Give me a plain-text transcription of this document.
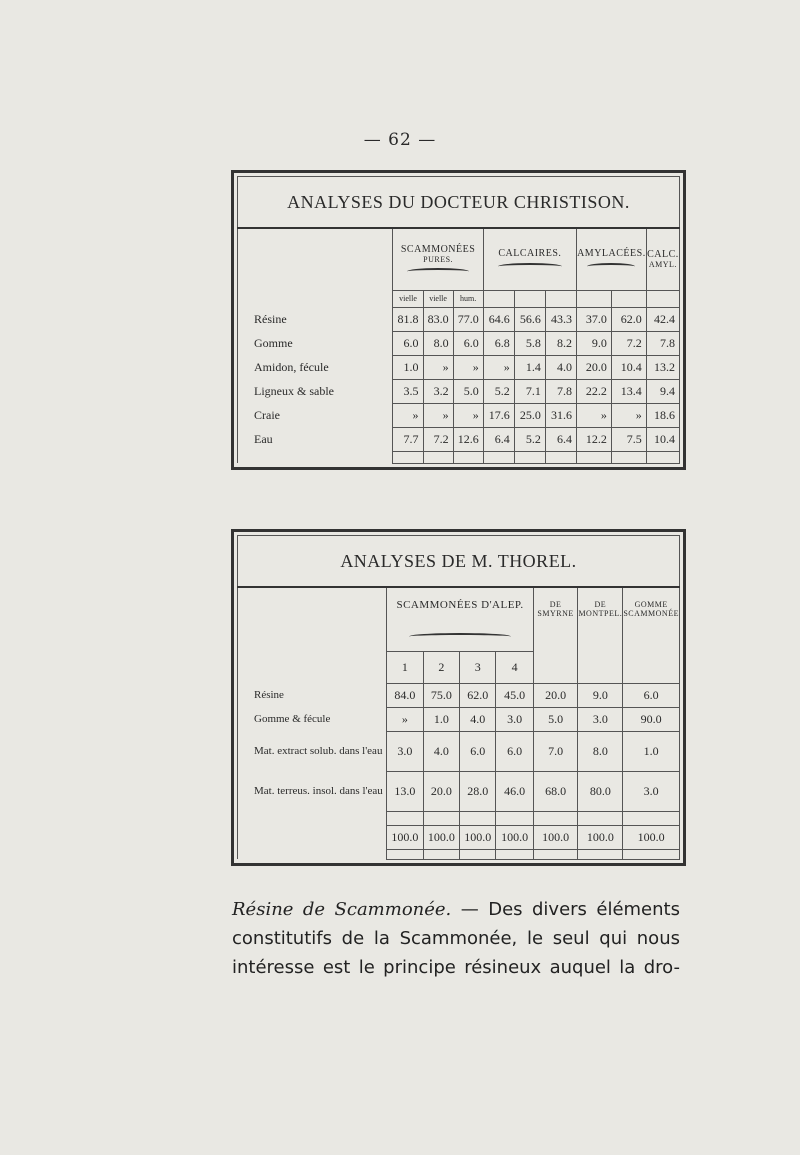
— 62 —
ANALYSES DU DOCTEUR CHRISTISON.									
	SCAMMONÉES
PURES.			CALCAIRES.			AMYLACÉES.		CALC.
AMYL.

	vielle	vielle	hum.						
Résine	81.8	83.0	77.0	64.6	56.6	43.3	37.0	62.0	42.4
Gomme	6.0	8.0	6.0	6.8	5.8	8.2	9.0	7.2	7.8
Amidon, fécule	1.0	»	»	»	1.4	4.0	20.0	10.4	13.2
Ligneux & sable	3.5	3.2	5.0	5.2	7.1	7.8	22.2	13.4	9.4
Craie	»	»	»	17.6	25.0	31.6	»	»	18.6
Eau	7.7	7.2	12.6	6.4	5.2	6.4	12.2	7.5	10.4

ANALYSES DE M. THOREL.							
	SCAMMONÉES D'ALEP.				DE
SMYRNE	DE
MONTPEL.	GOMME
SCAMMONÉE

	1	2	3	4			
Résine	84.0	75.0	62.0	45.0	20.0	9.0	6.0
Gomme & fécule	»	1.0	4.0	3.0	5.0	3.0	90.0
Mat. extract solub. dans l'eau	3.0	4.0	6.0	6.0	7.0	8.0	1.0
Mat. terreus. insol. dans l'eau	13.0	20.0	28.0	46.0	68.0	80.0	3.0

	100.0	100.0	100.0	100.0	100.0	100.0	100.0

Résine de Scammonée. — Des divers éléments
constitutifs de la Scammonée, le seul qui nous
intéresse est le principe résineux auquel la dro-
